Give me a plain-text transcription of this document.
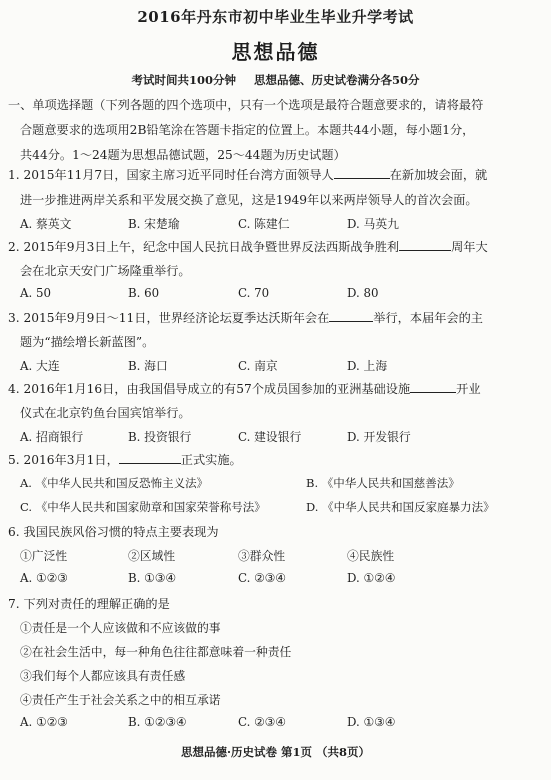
2016年丹东市初中毕业生毕业升学考试
思想品德
考试时间共100分钟 思想品德、历史试卷满分各50分
一、单项选择题（下列各题的四个选项中，只有一个选项是最符合题意要求的，请将最符
合题意要求的选项用2B铅笔涂在答题卡指定的位置上。本题共44小题，每小题1分，
共44分。1～24题为思想品德试题，25～44题为历史试题）
1. 2015年11月7日，国家主席习近平同时任台湾方面领导人	在新加坡会面，就
进一步推进两岸关系和平发展交换了意见，这是1949年以来两岸领导人的首次会面。
A. 蔡英文	B. 宋楚瑜	C. 陈建仁	D. 马英九
2. 2015年9月3日上午，纪念中国人民抗日战争暨世界反法西斯战争胜利	周年大
会在北京天安门广场隆重举行。
A. 50	B. 60	C. 70	D. 80
3. 2015年9月9日～11日，世界经济论坛夏季达沃斯年会在	举行，本届年会的主
题为“描绘增长新蓝图”。
A. 大连	B. 海口	C. 南京	D. 上海
4. 2016年1月16日，由我国倡导成立的有57个成员国参加的亚洲基础设施	开业
仪式在北京钓鱼台国宾馆举行。
A. 招商银行	B. 投资银行	C. 建设银行	D. 开发银行
5. 2016年3月1日，	正式实施。
A. 《中华人民共和国反恐怖主义法》	B. 《中华人民共和国慈善法》
C. 《中华人民共和国家勋章和国家荣誉称号法》	D. 《中华人民共和国反家庭暴力法》
6. 我国民族风俗习惯的特点主要表现为
①广泛性	②区域性	③群众性	④民族性
A. ①②③	B. ①③④	C. ②③④	D. ①②④
7. 下列对责任的理解正确的是
①责任是一个人应该做和不应该做的事
②在社会生活中，每一种角色往往都意味着一种责任
③我们每个人都应该具有责任感
④责任产生于社会关系之中的相互承诺
A. ①②③	B. ①②③④	C. ②③④	D. ①③④
思想品德·历史试卷 第1页 （共8页）
